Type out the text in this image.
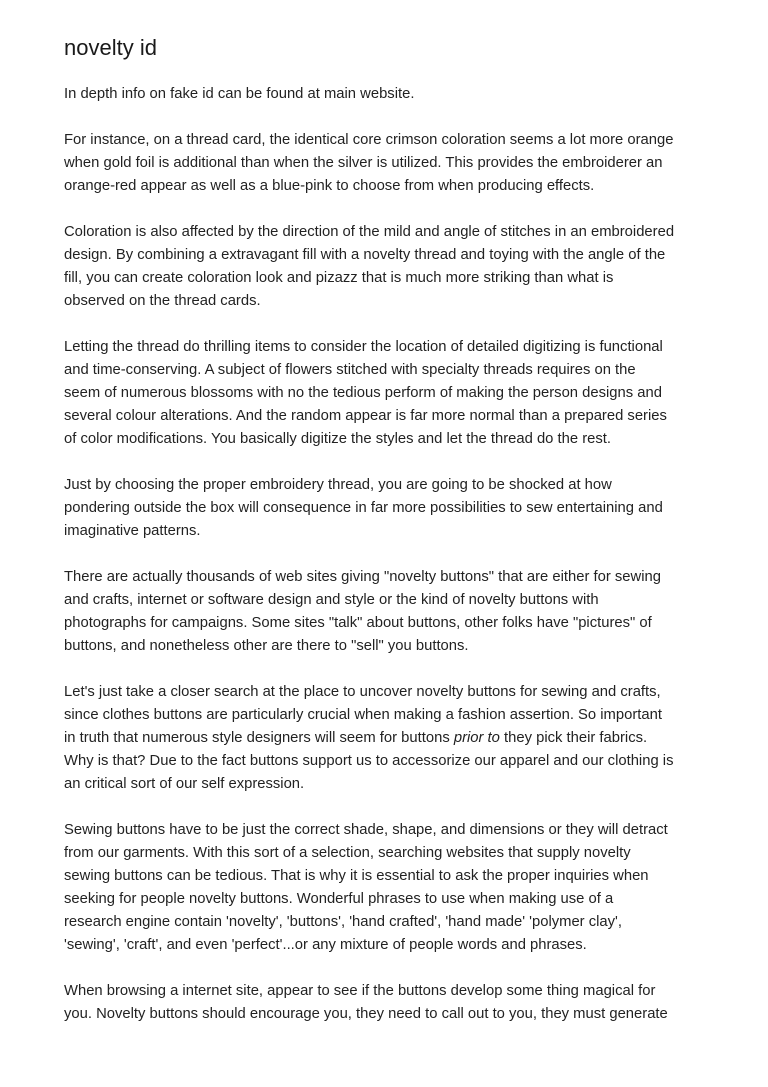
novelty id

In depth info on fake id can be found at main website.

For instance, on a thread card, the identical core crimson coloration seems a lot more orange
when gold foil is additional than when the silver is utilized. This provides the embroiderer an
orange-red appear as well as a blue-pink to choose from when producing effects.

Coloration is also affected by the direction of the mild and angle of stitches in an embroidered
design. By combining a extravagant fill with a novelty thread and toying with the angle of the
fill, you can create coloration look and pizazz that is much more striking than what is
observed on the thread cards.

Letting the thread do thrilling items to consider the location of detailed digitizing is functional
and time-conserving. A subject of flowers stitched with specialty threads requires on the
seem of numerous blossoms with no the tedious perform of making the person designs and
several colour alterations. And the random appear is far more normal than a prepared series
of color modifications. You basically digitize the styles and let the thread do the rest.

Just by choosing the proper embroidery thread, you are going to be shocked at how
pondering outside the box will consequence in far more possibilities to sew entertaining and
imaginative patterns.

There are actually thousands of web sites giving "novelty buttons" that are either for sewing
and crafts, internet or software design and style or the kind of novelty buttons with
photographs for campaigns. Some sites "talk" about buttons, other folks have "pictures" of
buttons, and nonetheless other are there to "sell" you buttons.

Let's just take a closer search at the place to uncover novelty buttons for sewing and crafts,
since clothes buttons are particularly crucial when making a fashion assertion. So important
in truth that numerous style designers will seem for buttons prior to they pick their fabrics.
Why is that? Due to the fact buttons support us to accessorize our apparel and our clothing is
an critical sort of our self expression.

Sewing buttons have to be just the correct shade, shape, and dimensions or they will detract
from our garments. With this sort of a selection, searching websites that supply novelty
sewing buttons can be tedious. That is why it is essential to ask the proper inquiries when
seeking for people novelty buttons. Wonderful phrases to use when making use of a
research engine contain 'novelty', 'buttons', 'hand crafted', 'hand made' 'polymer clay',
'sewing', 'craft', and even 'perfect'...or any mixture of people words and phrases.

When browsing a internet site, appear to see if the buttons develop some thing magical for
you. Novelty buttons should encourage you, they need to call out to you, they must generate
